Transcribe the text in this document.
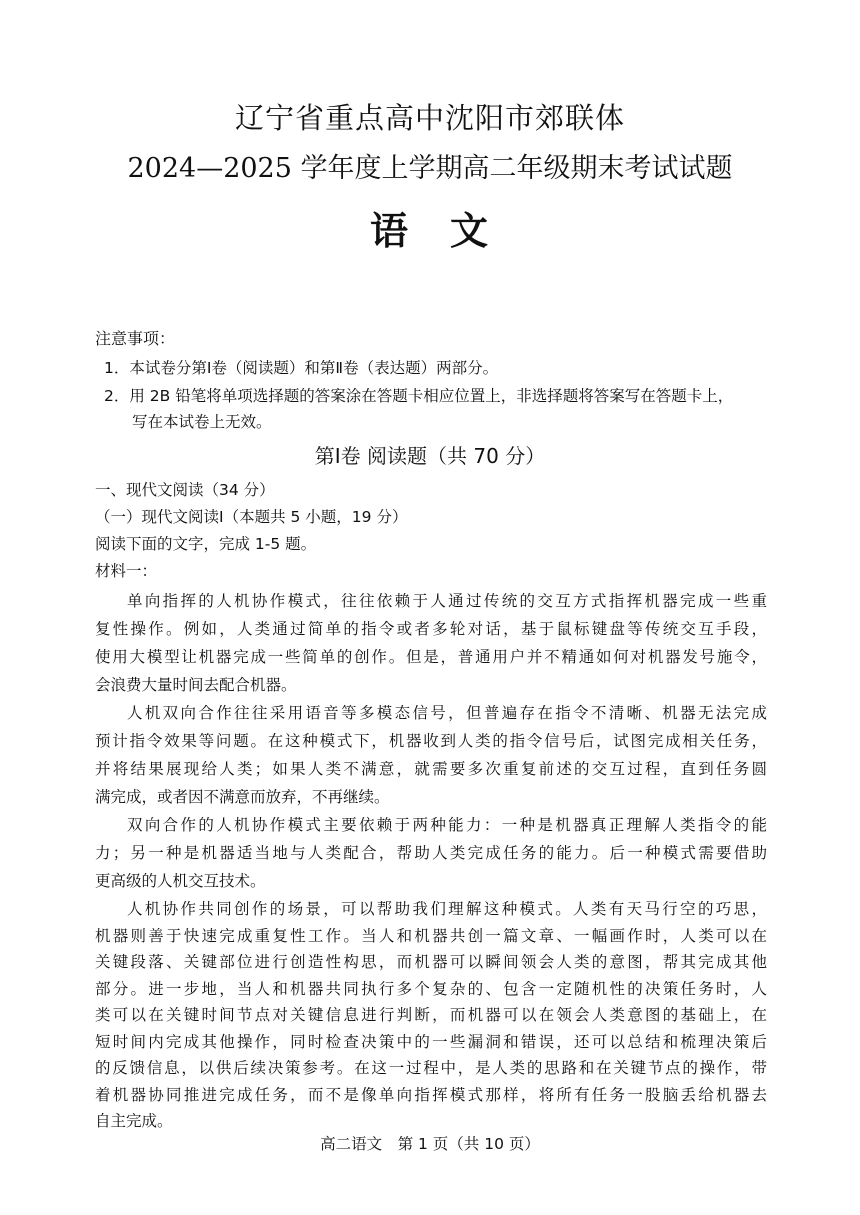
辽宁省重点高中沈阳市郊联体
2024—2025 学年度上学期高二年级期末考试试题
语　文
注意事项：
1．本试卷分第Ⅰ卷（阅读题）和第Ⅱ卷（表达题）两部分。
2．用 2B 铅笔将单项选择题的答案涂在答题卡相应位置上，非选择题将答案写在答题卡上，
写在本试卷上无效。
第Ⅰ卷 阅读题（共 70 分）
一、现代文阅读（34 分）
（一）现代文阅读Ⅰ（本题共 5 小题，19 分）
阅读下面的文字，完成 1-5 题。
材料一：
单向指挥的人机协作模式，往往依赖于人通过传统的交互方式指挥机器完成一些重
复性操作。例如，人类通过简单的指令或者多轮对话，基于鼠标键盘等传统交互手段，
使用大模型让机器完成一些简单的创作。但是，普通用户并不精通如何对机器发号施令，
会浪费大量时间去配合机器。
人机双向合作往往采用语音等多模态信号，但普遍存在指令不清晰、机器无法完成
预计指令效果等问题。在这种模式下，机器收到人类的指令信号后，试图完成相关任务，
并将结果展现给人类；如果人类不满意，就需要多次重复前述的交互过程，直到任务圆
满完成，或者因不满意而放弃，不再继续。
双向合作的人机协作模式主要依赖于两种能力：一种是机器真正理解人类指令的能
力；另一种是机器适当地与人类配合，帮助人类完成任务的能力。后一种模式需要借助
更高级的人机交互技术。
人机协作共同创作的场景，可以帮助我们理解这种模式。人类有天马行空的巧思，
机器则善于快速完成重复性工作。当人和机器共创一篇文章、一幅画作时，人类可以在
关键段落、关键部位进行创造性构思，而机器可以瞬间领会人类的意图，帮其完成其他
部分。进一步地，当人和机器共同执行多个复杂的、包含一定随机性的决策任务时，人
类可以在关键时间节点对关键信息进行判断，而机器可以在领会人类意图的基础上，在
短时间内完成其他操作，同时检查决策中的一些漏洞和错误，还可以总结和梳理决策后
的反馈信息，以供后续决策参考。在这一过程中，是人类的思路和在关键节点的操作，带
着机器协同推进完成任务，而不是像单向指挥模式那样，将所有任务一股脑丢给机器去
高二语文　第 1 页（共 10 页）
自主完成。
